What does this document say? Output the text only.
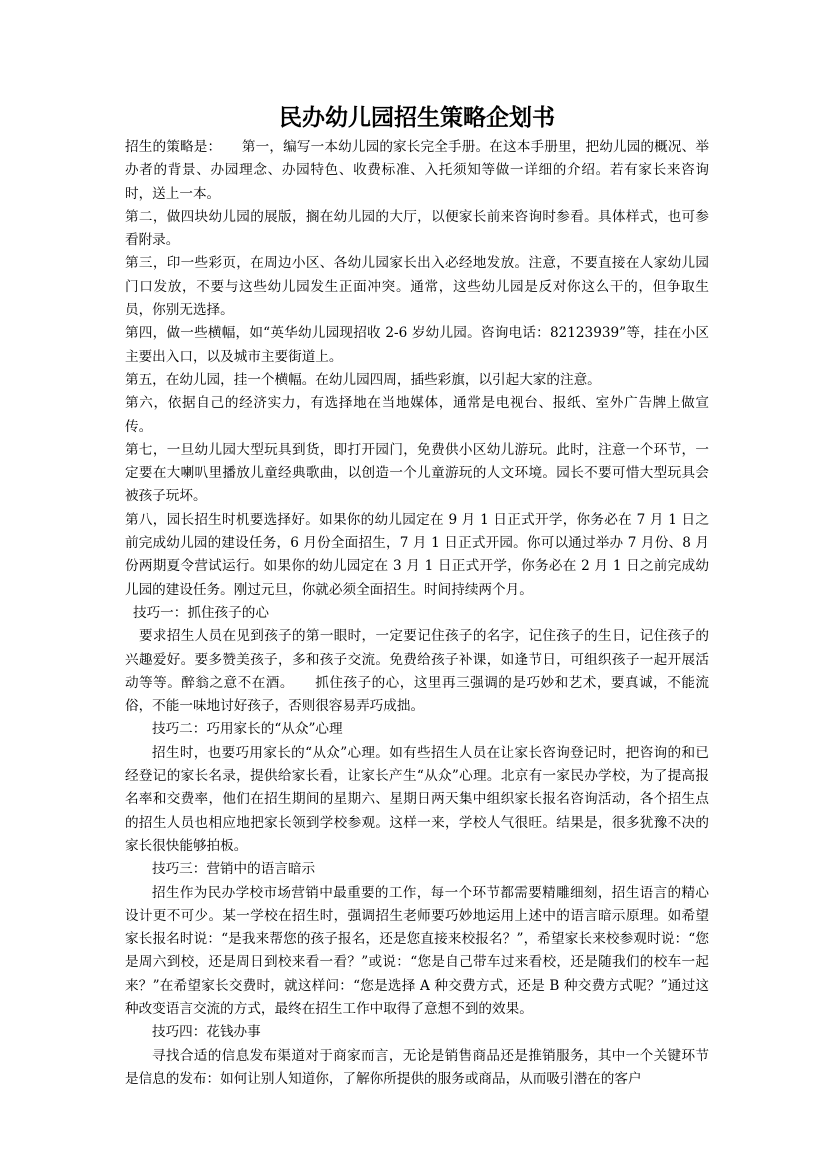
民办幼儿园招生策略企划书

招生的策略是：　　第一，编写一本幼儿园的家长完全手册。在这本手册里，把幼儿园的概况、举办者的背景、办园理念、办园特色、收费标准、入托须知等做一详细的介绍。若有家长来咨询时，送上一本。

第二，做四块幼儿园的展版，搁在幼儿园的大厅，以便家长前来咨询时参看。具体样式，也可参看附录。

第三，印一些彩页，在周边小区、各幼儿园家长出入必经地发放。注意，不要直接在人家幼儿园门口发放，不要与这些幼儿园发生正面冲突。通常，这些幼儿园是反对你这么干的，但争取生员，你别无选择。

第四，做一些横幅，如“英华幼儿园现招收 2-6 岁幼儿园。咨询电话：82123939”等，挂在小区主要出入口，以及城市主要街道上。

第五，在幼儿园，挂一个横幅。在幼儿园四周，插些彩旗，以引起大家的注意。

第六，依据自己的经济实力，有选择地在当地媒体，通常是电视台、报纸、室外广告牌上做宣传。

第七，一旦幼儿园大型玩具到货，即打开园门，免费供小区幼儿游玩。此时，注意一个环节，一定要在大喇叭里播放儿童经典歌曲，以创造一个儿童游玩的人文环境。园长不要可惜大型玩具会被孩子玩坏。

第八，园长招生时机要选择好。如果你的幼儿园定在 9 月 1 日正式开学，你务必在 7 月 1 日之前完成幼儿园的建设任务，6 月份全面招生，7 月 1 日正式开园。你可以通过举办 7 月份、8 月份两期夏令营试运行。如果你的幼儿园定在 3 月 1 日正式开学，你务必在 2 月 1 日之前完成幼儿园的建设任务。刚过元旦，你就必须全面招生。时间持续两个月。

技巧一：抓住孩子的心

要求招生人员在见到孩子的第一眼时，一定要记住孩子的名字，记住孩子的生日，记住孩子的兴趣爱好。要多赞美孩子，多和孩子交流。免费给孩子补课，如逢节日，可组织孩子一起开展活动等等。醉翁之意不在酒。　　抓住孩子的心，这里再三强调的是巧妙和艺术，要真诚，不能流俗，不能一味地讨好孩子，否则很容易弄巧成拙。

技巧二：巧用家长的“从众”心理

招生时，也要巧用家长的“从众”心理。如有些招生人员在让家长咨询登记时，把咨询的和已经登记的家长名录，提供给家长看，让家长产生“从众”心理。北京有一家民办学校，为了提高报名率和交费率，他们在招生期间的星期六、星期日两天集中组织家长报名咨询活动，各个招生点的招生人员也相应地把家长领到学校参观。这样一来，学校人气很旺。结果是，很多犹豫不决的家长很快能够拍板。

技巧三：营销中的语言暗示

招生作为民办学校市场营销中最重要的工作，每一个环节都需要精雕细刻，招生语言的精心设计更不可少。某一学校在招生时，强调招生老师要巧妙地运用上述中的语言暗示原理。如希望家长报名时说：“是我来帮您的孩子报名，还是您直接来校报名？”，希望家长来校参观时说：“您是周六到校，还是周日到校来看一看？”或说：“您是自己带车过来看校，还是随我们的校车一起来？”在希望家长交费时，就这样问：“您是选择 A 种交费方式，还是 B 种交费方式呢？”通过这种改变语言交流的方式，最终在招生工作中取得了意想不到的效果。

技巧四：花钱办事

寻找合适的信息发布渠道对于商家而言，无论是销售商品还是推销服务，其中一个关键环节是信息的发布：如何让别人知道你，了解你所提供的服务或商品，从而吸引潜在的客户
